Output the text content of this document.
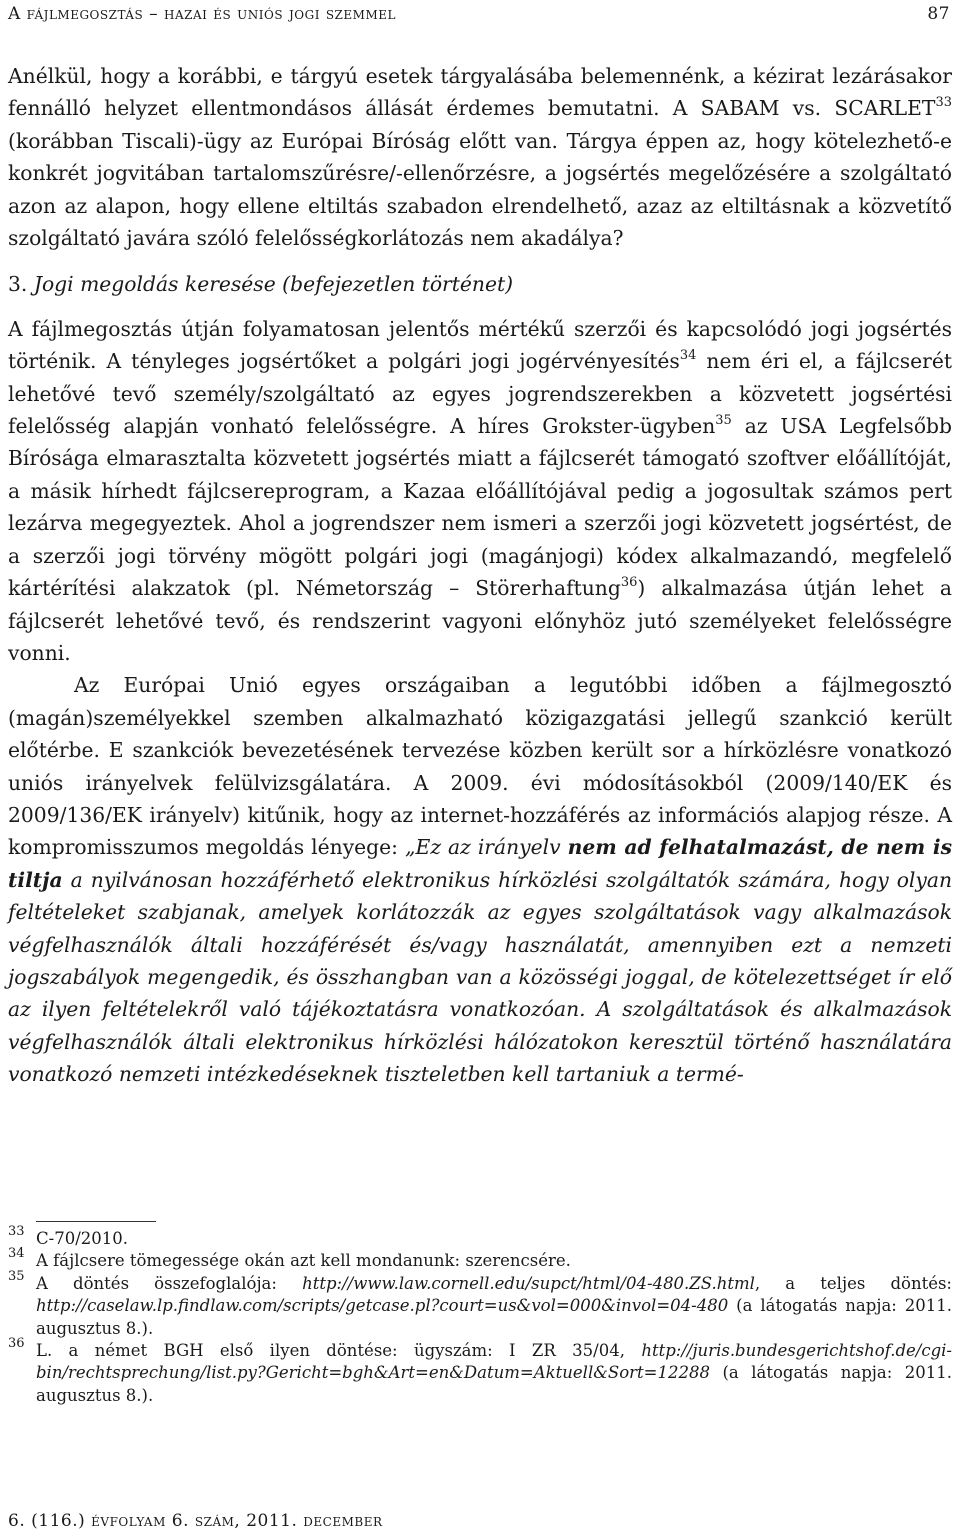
A fájlmegosztás – hazai és uniós jogi szemmel	87

Anélkül, hogy a korábbi, e tárgyú esetek tárgyalásába belemennénk, a kézirat lezárásakor fennálló helyzet ellentmondásos állását érdemes bemutatni. A SABAM vs. SCARLET$^{33}$ (korábban Tiscali)-ügy az Európai Bíróság előtt van. Tárgya éppen az, hogy kötelezhető-e konkrét jogvitában tartalomszűrésre/-ellenőrzésre, a jogsértés megelőzésére a szolgáltató azon az alapon, hogy ellene eltiltás szabadon elrendelhető, azaz az eltiltásnak a közvetítő szolgáltató javára szóló felelősségkorlátozás nem akadálya?

3. Jogi megoldás keresése (befejezetlen történet)

A fájlmegosztás útján folyamatosan jelentős mértékű szerzői és kapcsolódó jogi jogsértés történik. A tényleges jogsértőket a polgári jogi jogérvényesítés$^{34}$ nem éri el, a fájlcserét lehetővé tevő személy/szolgáltató az egyes jogrendszerekben a közvetett jogsértési felelősség alapján vonható felelősségre. A híres Grokster-ügyben$^{35}$ az USA Legfelsőbb Bírósága elmarasztalta közvetett jogsértés miatt a fájlcserét támogató szoftver előállítóját, a másik hírhedt fájlcsereprogram, a Kazaa előállítójával pedig a jogosultak számos pert lezárva megegyeztek. Ahol a jogrendszer nem ismeri a szerzői jogi közvetett jogsértést, de a szerzői jogi törvény mögött polgári jogi (magánjogi) kódex alkalmazandó, megfelelő kártérítési alakzatok (pl. Németország – Störerhaftung$^{36}$) alkalmazása útján lehet a fájlcserét lehetővé tevő, és rendszerint vagyoni előnyhöz jutó személyeket felelősségre vonni.

Az Európai Unió egyes országaiban a legutóbbi időben a fájlmegosztó (magán)személyekkel szemben alkalmazható közigazgatási jellegű szankció került előtérbe. E szankciók bevezetésének tervezése közben került sor a hírközlésre vonatkozó uniós irányelvek felülvizsgálatára. A 2009. évi módosításokból (2009/140/EK és 2009/136/EK irányelv) kitűnik, hogy az internet-hozzáférés az információs alapjog része. A kompromisszumos megoldás lényege: „Ez az irányelv nem ad felhatalmazást, de nem is tiltja a nyilvánosan hozzáférhető elektronikus hírközlési szolgáltatók számára, hogy olyan feltételeket szabjanak, amelyek korlátozzák az egyes szolgáltatások vagy alkalmazások végfelhasználók általi hozzáférését és/vagy használatát, amennyiben ezt a nemzeti jogszabályok megengedik, és összhangban van a közösségi joggal, de kötelezettséget ír elő az ilyen feltételekről való tájékoztatásra vonatkozóan. A szolgáltatások és alkalmazások végfelhasználók általi elektronikus hírközlési hálózatokon keresztül történő használatára vonatkozó nemzeti intézkedéseknek tiszteletben kell tartaniuk a termé-

33 C-70/2010.
34 A fájlcsere tömegessége okán azt kell mondanunk: szerencsére.
35 A döntés összefoglalója: http://www.law.cornell.edu/supct/html/04-480.ZS.html, a teljes döntés: http://caselaw.lp.findlaw.com/scripts/getcase.pl?court=us&vol=000&invol=04-480 (a látogatás napja: 2011. augusztus 8.).
36 L. a német BGH első ilyen döntése: ügyszám: I ZR 35/04, http://juris.bundesgerichtshof.de/cgi-bin/rechtsprechung/list.py?Gericht=bgh&Art=en&Datum=Aktuell&Sort=12288 (a látogatás napja: 2011. augusztus 8.).
6. (116.) évfolyam 6. szám, 2011. december
